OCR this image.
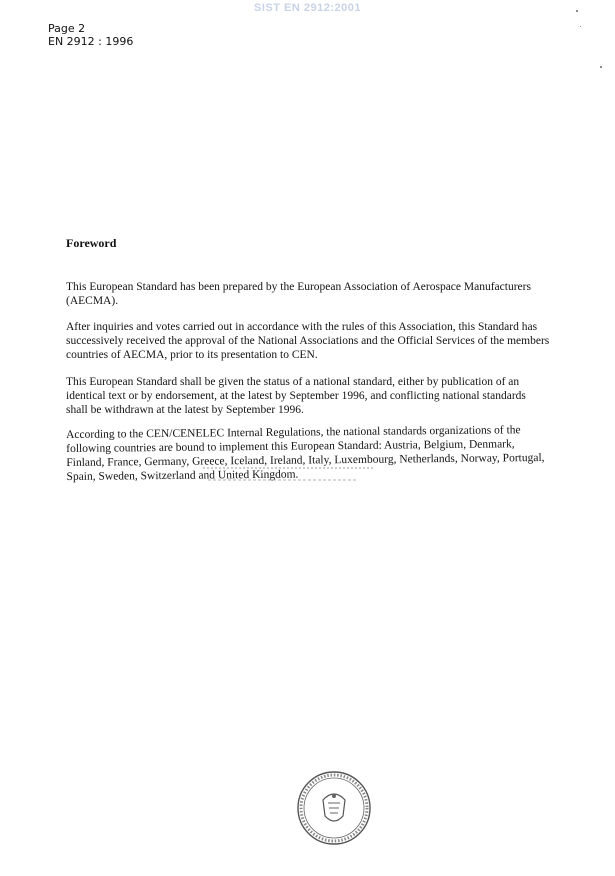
SIST EN 2912:2001
Page 2
EN 2912 : 1996
Foreword

This European Standard has been prepared by the European Association of Aerospace Manufacturers (AECMA).

After inquiries and votes carried out in accordance with the rules of this Association, this Standard has successively received the approval of the National Associations and the Official Services of the members countries of AECMA, prior to its presentation to CEN.

This European Standard shall be given the status of a national standard, either by publication of an identical text or by endorsement, at the latest by September 1996, and conflicting national standards shall be withdrawn at the latest by September 1996.

According to the CEN/CENELEC Internal Regulations, the national standards organizations of the following countries are bound to implement this European Standard: Austria, Belgium, Denmark, Finland, France, Germany, Greece, Iceland, Ireland, Italy, Luxembourg, Netherlands, Norway, Portugal, Spain, Sweden, Switzerland and United Kingdom.
